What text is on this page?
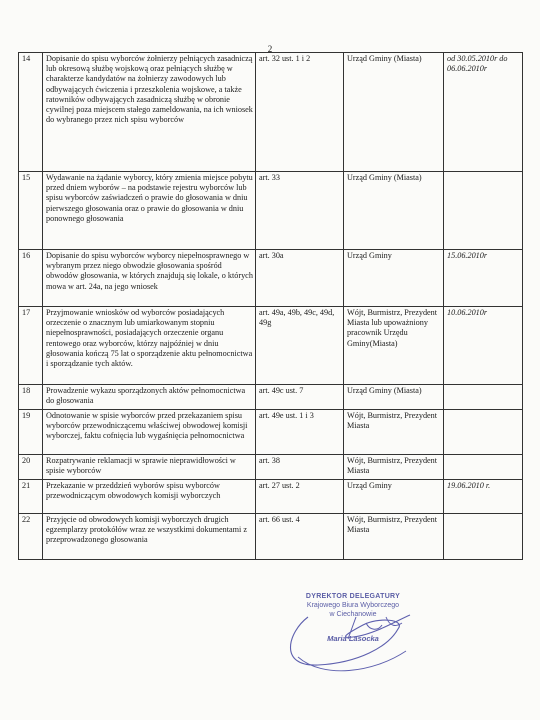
2
14	Dopisanie do spisu wyborców żołnierzy pełniących zasadniczą lub okresową służbę wojskową oraz pełniących służbę w charakterze kandydatów na żołnierzy zawodowych lub odbywających ćwiczenia i przeszkolenia wojskowe, a także ratowników odbywających zasadniczą służbę w obronie cywilnej poza miejscem stałego zameldowania, na ich wniosek do wybranego przez nich spisu wyborców	art. 32 ust. 1 i 2	Urząd Gminy (Miasta)	od 30.05.2010r do 06.06.2010r
15	Wydawanie na żądanie wyborcy, który zmienia miejsce pobytu przed dniem wyborów – na podstawie rejestru wyborców lub spisu wyborców zaświadczeń o prawie do głosowania w dniu pierwszego głosowania oraz o prawie do głosowania w dniu ponownego głosowania	art. 33	Urząd Gminy (Miasta)	
16	Dopisanie do spisu wyborców wyborcy niepełnosprawnego w wybranym przez niego obwodzie głosowania spośród obwodów głosowania, w których znajdują się lokale, o których mowa w art. 24a, na jego wniosek	art. 30a	Urząd Gminy	15.06.2010r
17	Przyjmowanie wniosków od wyborców posiadających orzeczenie o znacznym lub umiarkowanym stopniu niepełnosprawności, posiadających orzeczenie organu rentowego oraz wyborców, którzy najpóźniej w dniu głosowania kończą 75 lat o sporządzenie aktu pełnomocnictwa i sporządzanie tych aktów.	art. 49a, 49b, 49c, 49d, 49g	Wójt, Burmistrz, Prezydent Miasta lub upoważniony pracownik Urzędu Gminy(Miasta)	10.06.2010r
18	Prowadzenie wykazu sporządzonych aktów pełnomocnictwa do głosowania	art. 49c ust. 7	Urząd Gminy (Miasta)	
19	Odnotowanie w spisie wyborców przed przekazaniem spisu wyborców przewodniczącemu właściwej obwodowej komisji wyborczej, faktu cofnięcia lub wygaśnięcia pełnomocnictwa	art. 49e ust. 1 i 3	Wójt, Burmistrz, Prezydent Miasta	
20	Rozpatrywanie reklamacji w sprawie nieprawidłowości w spisie wyborców	art. 38	Wójt, Burmistrz, Prezydent Miasta	
21	Przekazanie w przeddzień wyborów spisu wyborców przewodniczącym obwodowych komisji wyborczych	art. 27 ust. 2	Urząd Gminy	19.06.2010 r.
22	Przyjęcie od obwodowych komisji wyborczych drugich egzemplarzy protokółów wraz ze wszystkimi dokumentami z przeprowadzonego głosowania	art. 66 ust. 4	Wójt, Burmistrz, Prezydent Miasta	
DYREKTOR DELEGATURY
Krajowego Biura Wyborczego
w Ciechanowie
Maria Lasocka
